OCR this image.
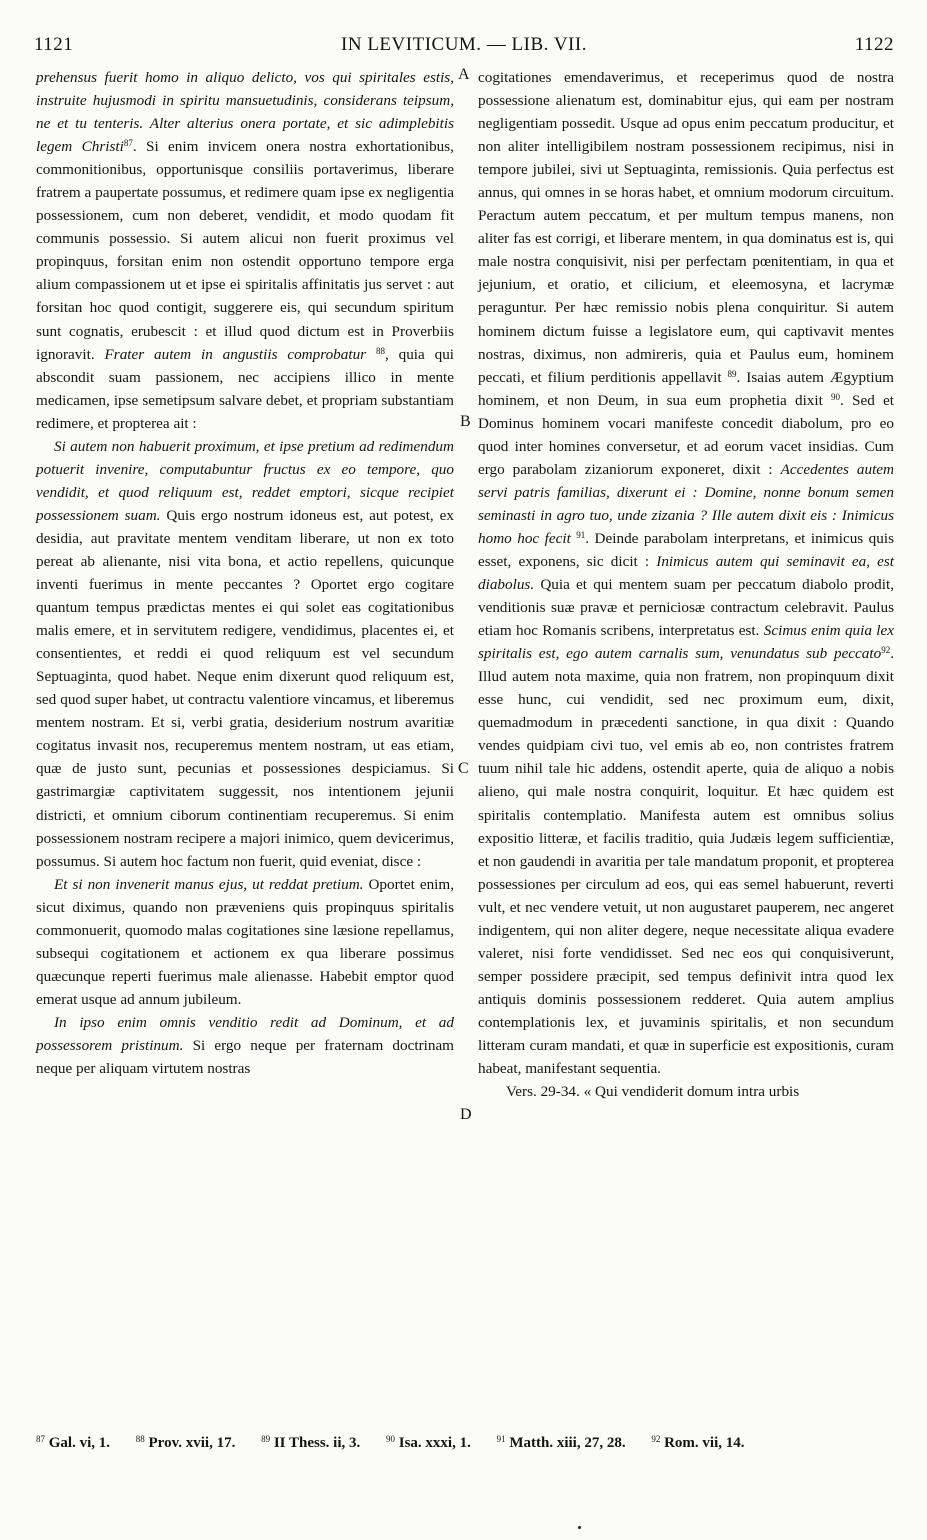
1121	IN LEVITICUM. — LIB. VII.	1122

prehensus fuerit homo in aliquo delicto, vos qui spiritales estis, instruite hujusmodi in spiritu mansuetudinis, considerans teipsum, ne et tu tenteris. Alter alterius onera portate, et sic adimplebitis legem Christi$^{87}$. Si enim invicem onera nostra exhortationibus, commonitionibus, opportunisque consiliis portaverimus, liberare fratrem a paupertate possumus, et redimere quam ipse ex negligentia possessionem, cum non deberet, vendidit, et modo quodam fit communis possessio. Si autem alicui non fuerit proximus vel propinquus, forsitan enim non ostendit opportuno tempore erga alium compassionem ut et ipse ei spiritalis affinitatis jus servet : aut forsitan hoc quod contigit, suggerere eis, qui secundum spiritum sunt cognatis, erubescit : et illud quod dictum est in Proverbiis ignoravit. Frater autem in angustiis comprobatur $^{88}$, quia qui abscondit suam passionem, nec accipiens illico in mente medicamen, ipse semetipsum salvare debet, et propriam substantiam redimere, et propterea ait :

Si autem non habuerit proximum, et ipse pretium ad redimendum potuerit invenire, computabuntur fructus ex eo tempore, quo vendidit, et quod reliquum est, reddet emptori, sicque recipiet possessionem suam. Quis ergo nostrum idoneus est, aut potest, ex desidia, aut pravitate mentem venditam liberare, ut non ex toto pereat ab alienante, nisi vita bona, et actio repellens, quicunque inventi fuerimus in mente peccantes ? Oportet ergo cogitare quantum tempus prædictas mentes ei qui solet eas cogitationibus malis emere, et in servitutem redigere, vendidimus, placentes ei, et consentientes, et reddi ei quod reliquum est vel secundum Septuaginta, quod habet. Neque enim dixerunt quod reliquum est, sed quod super habet, ut contractu valentiore vincamus, et liberemus mentem nostram. Et si, verbi gratia, desiderium nostrum avaritiæ cogitatus invasit nos, recuperemus mentem nostram, ut eas etiam, quæ de justo sunt, pecunias et possessiones despiciamus. Si gastrimargiæ captivitatem suggessit, nos intentionem jejunii districti, et omnium ciborum continentiam recuperemus. Si enim possessionem nostram recipere a majori inimico, quem devicerimus, possumus. Si autem hoc factum non fuerit, quid eveniat, disce :

Et si non invenerit manus ejus, ut reddat pretium. Oportet enim, sicut diximus, quando non præveniens quis propinquus spiritalis commonuerit, quomodo malas cogitationes sine læsione repellamus, subsequi cogitationem et actionem ex qua liberare possimus quæcunque reperti fuerimus male alienasse. Habebit emptor quod emerat usque ad annum jubileum.

In ipso enim omnis venditio redit ad Dominum, et ad possessorem pristinum. Si ergo neque per fraternam doctrinam neque per aliquam virtutem nostras

A
B
C
D

cogitationes emendaverimus, et receperimus quod de nostra possessione alienatum est, dominabitur ejus, qui eam per nostram negligentiam possedit. Usque ad opus enim peccatum producitur, et non aliter intelligibilem nostram possessionem recipimus, nisi in tempore jubilei, sivi ut Septuaginta, remissionis. Quia perfectus est annus, qui omnes in se horas habet, et omnium modorum circuitum. Peractum autem peccatum, et per multum tempus manens, non aliter fas est corrigi, et liberare mentem, in qua dominatus est is, qui male nostra conquisivit, nisi per perfectam pœnitentiam, in qua et jejunium, et oratio, et cilicium, et eleemosyna, et lacrymæ peraguntur. Per hæc remissio nobis plena conquiritur. Si autem hominem dictum fuisse a legislatore eum, qui captivavit mentes nostras, diximus, non admireris, quia et Paulus eum, hominem peccati, et filium perditionis appellavit $^{89}$. Isaias autem Ægyptium hominem, et non Deum, in sua eum prophetia dixit $^{90}$. Sed et Dominus hominem vocari manifeste concedit diabolum, pro eo quod inter homines conversetur, et ad eorum vacet insidias. Cum ergo parabolam zizaniorum exponeret, dixit : Accedentes autem servi patris familias, dixerunt ei : Domine, nonne bonum semen seminasti in agro tuo, unde zizania ? Ille autem dixit eis : Inimicus homo hoc fecit $^{91}$. Deinde parabolam interpretans, et inimicus quis esset, exponens, sic dicit : Inimicus autem qui seminavit ea, est diabolus. Quia et qui mentem suam per peccatum diabolo prodit, venditionis suæ pravæ et perniciosæ contractum celebravit. Paulus etiam hoc Romanis scribens, interpretatus est. Scimus enim quia lex spiritalis est, ego autem carnalis sum, venundatus sub peccato$^{92}$. Illud autem nota maxime, quia non fratrem, non propinquum dixit esse hunc, cui vendidit, sed nec proximum eum, dixit, quemadmodum in præcedenti sanctione, in qua dixit : Quando vendes quidpiam civi tuo, vel emis ab eo, non contristes fratrem tuum nihil tale hic addens, ostendit aperte, quia de aliquo a nobis alieno, qui male nostra conquirit, loquitur. Et hæc quidem est spiritalis contemplatio. Manifesta autem est omnibus solius expositio litteræ, et facilis traditio, quia Judæis legem sufficientiæ, et non gaudendi in avaritia per tale mandatum proponit, et propterea possessiones per circulum ad eos, qui eas semel habuerunt, reverti vult, et nec vendere vetuit, ut non augustaret pauperem, nec angeret indigentem, qui non aliter degere, neque necessitate aliqua evadere valeret, nisi forte vendidisset. Sed nec eos qui conquisiverunt, semper possidere præcipit, sed tempus definivit intra quod lex antiquis dominis possessionem redderet. Quia autem amplius contemplationis lex, et juvaminis spiritalis, et non secundum litteram curam mandati, et quæ in superficie est expositionis, curam habeat, manifestant sequentia.

Vers. 29-34. « Qui vendiderit domum intra urbis

$^{87}$ Gal. vi, 1.	$^{88}$ Prov. xvii, 17.	$^{89}$ II Thess. ii, 3.	$^{90}$ Isa. xxxi, 1.	$^{91}$ Matth. xiii, 27, 28.	$^{92}$ Rom. vii, 14.
